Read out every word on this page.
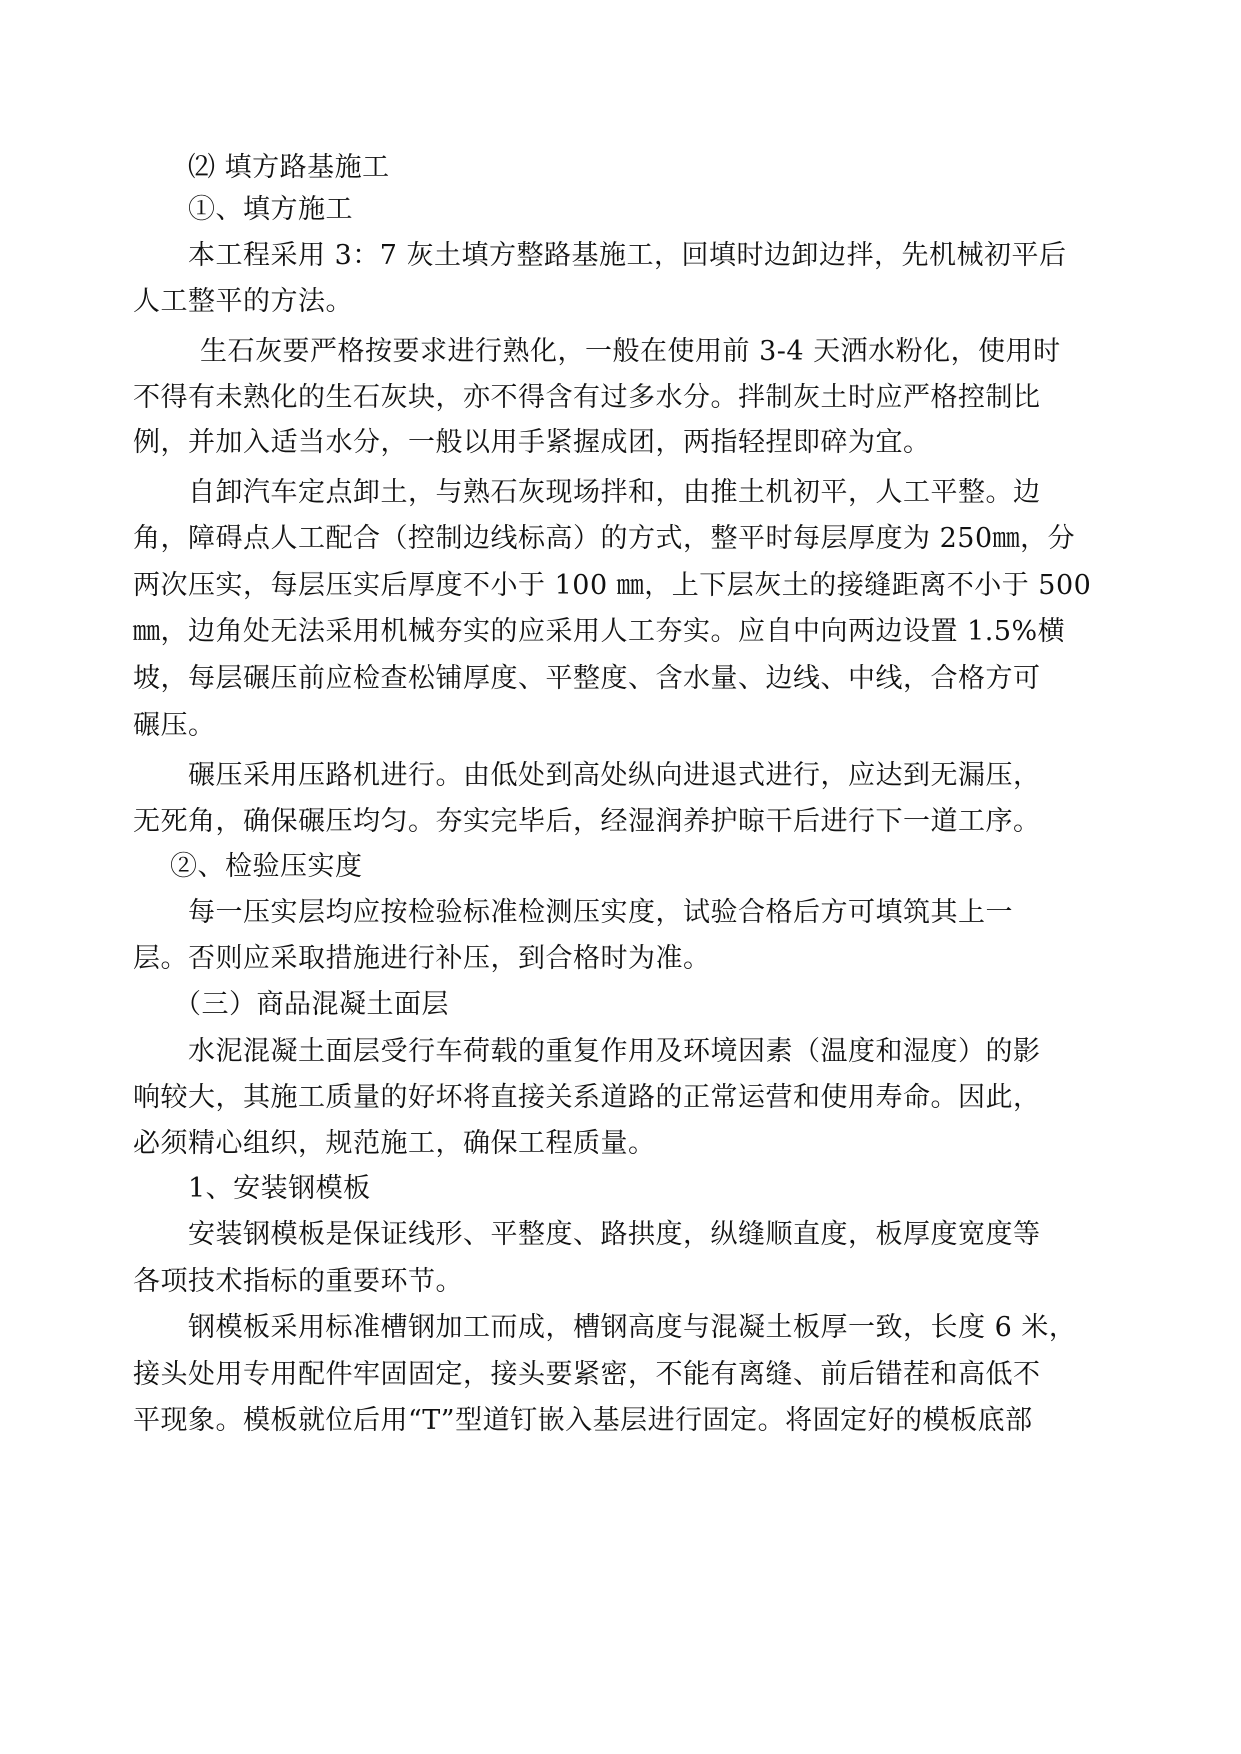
⑵ 填方路基施工

①、填方施工

本工程采用 3：7 灰土填方整路基施工，回填时边卸边拌，先机械初平后

人工整平的方法。

生石灰要严格按要求进行熟化，一般在使用前 3-4 天洒水粉化，使用时

不得有未熟化的生石灰块，亦不得含有过多水分。拌制灰土时应严格控制比

例，并加入适当水分，一般以用手紧握成团，两指轻捏即碎为宜。

自卸汽车定点卸土，与熟石灰现场拌和，由推土机初平，人工平整。边

角，障碍点人工配合（控制边线标高）的方式，整平时每层厚度为 250㎜，分

两次压实，每层压实后厚度不小于 100 ㎜，上下层灰土的接缝距离不小于 500

㎜，边角处无法采用机械夯实的应采用人工夯实。应自中向两边设置 1.5%横

坡，每层碾压前应检查松铺厚度、平整度、含水量、边线、中线，合格方可

碾压。

碾压采用压路机进行。由低处到高处纵向进退式进行，应达到无漏压，

无死角，确保碾压均匀。夯实完毕后，经湿润养护晾干后进行下一道工序。

②、检验压实度

每一压实层均应按检验标准检测压实度，试验合格后方可填筑其上一

层。否则应采取措施进行补压，到合格时为准。

（三）商品混凝土面层

水泥混凝土面层受行车荷载的重复作用及环境因素（温度和湿度）的影

响较大，其施工质量的好坏将直接关系道路的正常运营和使用寿命。因此，

必须精心组织，规范施工，确保工程质量。

1、安装钢模板

安装钢模板是保证线形、平整度、路拱度，纵缝顺直度，板厚度宽度等

各项技术指标的重要环节。

钢模板采用标准槽钢加工而成，槽钢高度与混凝土板厚一致，长度 6 米，

接头处用专用配件牢固固定，接头要紧密，不能有离缝、前后错茬和高低不

平现象。模板就位后用“T”型道钉嵌入基层进行固定。将固定好的模板底部
